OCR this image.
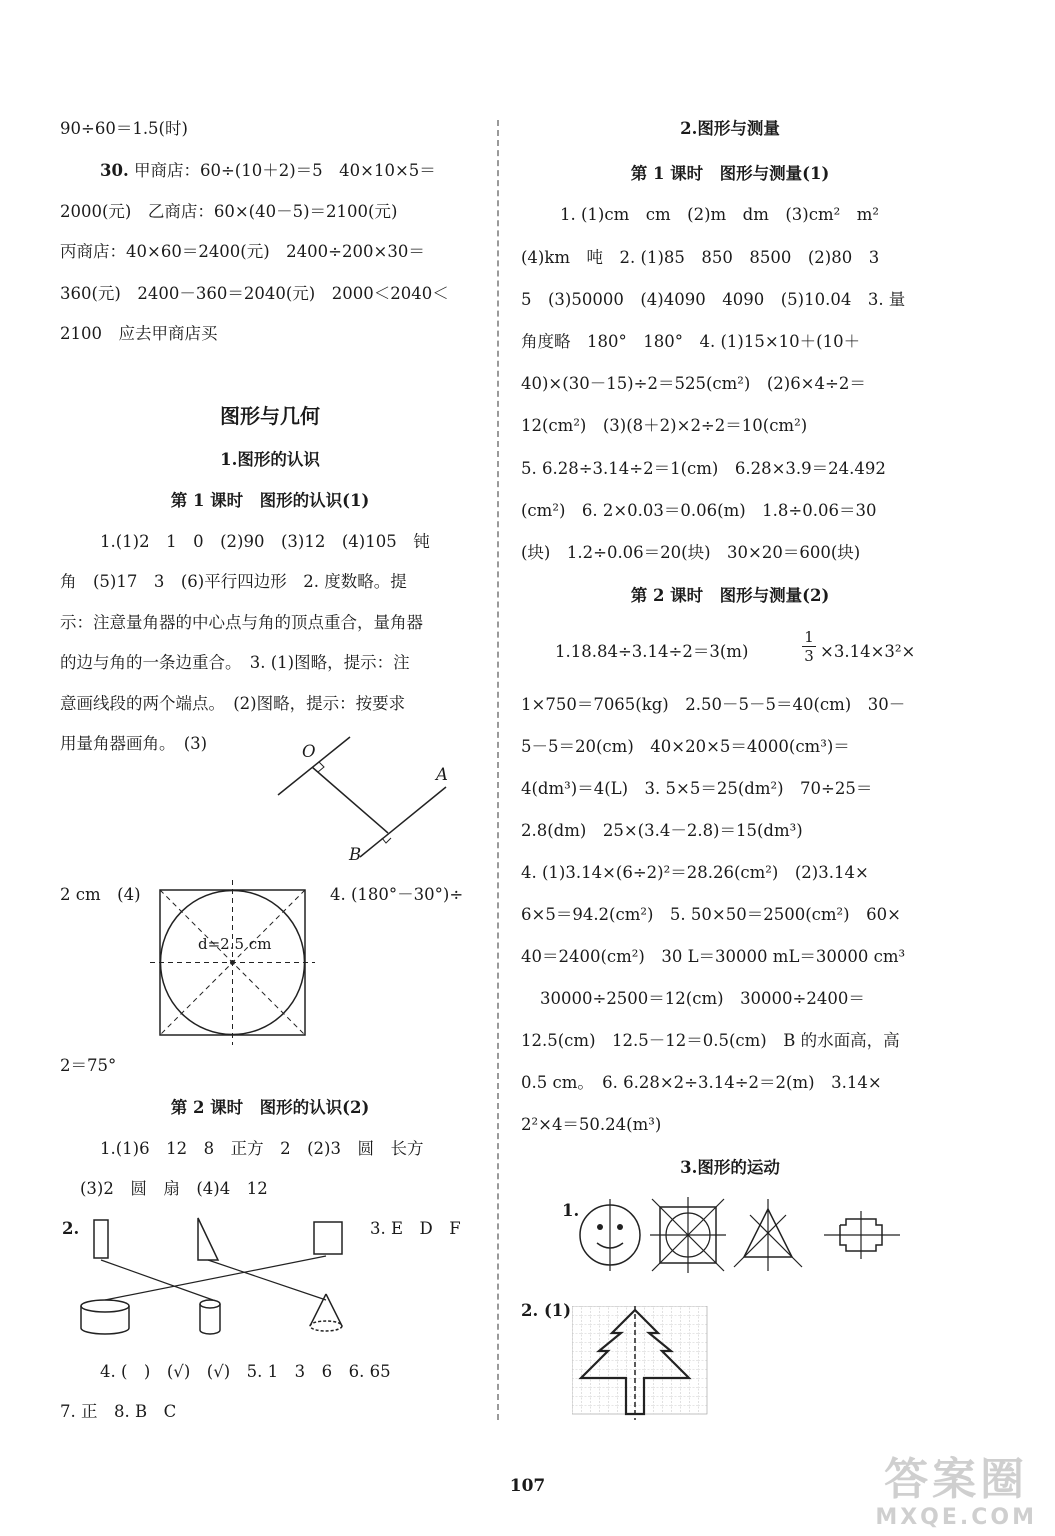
90÷60＝1.5(时)
30. 甲商店：60÷(10＋2)＝5　40×10×5＝
2000(元)　乙商店：60×(40－5)＝2100(元)
丙商店：40×60＝2400(元)　2400÷200×30＝
360(元)　2400－360＝2040(元)　2000＜2040＜
2100　应去甲商店买
图形与几何
1.图形的认识
第 1 课时　图形的认识(1)
1.(1)2　1　0　(2)90　(3)12　(4)105　钝
角　(5)17　3　(6)平行四边形　2. 度数略。提
示：注意量角器的中心点与角的顶点重合，量角器
的边与角的一条边重合。　3. (1)图略，提示：注
意画线段的两个端点。　(2)图略，提示：按要求
用量角器画角。　(3)	O
A
B
2 cm　(4)
d=2.5 cm
4. (180°－30°)÷
2＝75°
第 2 课时　图形的认识(2)
1.(1)6　12　8　正方　2　(2)3　圆　长方
(3)2　圆　扇　(4)4　12
2.	3. E　D　F
4. (　)　(√)　(√)　5. 1　3　6　6. 65
7. 正　8. B　C
2.图形与测量
第 1 课时　图形与测量(1)
1. (1)cm　cm　(2)m　dm　(3)cm²　m²
(4)km　吨　2. (1)85　850　8500　(2)80　3
5　(3)50000　(4)4090　4090　(5)10.04　3. 量
角度略　180°　180°　4. (1)15×10＋(10＋
40)×(30－15)÷2＝525(cm²)　(2)6×4÷2＝
12(cm²)　(3)(8＋2)×2÷2＝10(cm²)
5. 6.28÷3.14÷2＝1(cm)　6.28×3.9＝24.492
(cm²)　6. 2×0.03＝0.06(m)　1.8÷0.06＝30
(块)　1.2÷0.06＝20(块)　30×20＝600(块)
第 2 课时　图形与测量(2)
1.18.84÷3.14÷2＝3(m)	$\frac{1}{3} \times 3.14\times 3^2\times$
1×750＝7065(kg)　2.50－5－5＝40(cm)　30－
5－5＝20(cm)　40×20×5＝4000(cm³)＝
4(dm³)＝4(L)　3. 5×5＝25(dm²)　70÷25＝
2.8(dm)　25×(3.4－2.8)＝15(dm³)
4. (1)3.14×(6÷2)²＝28.26(cm²)　(2)3.14×
6×5＝94.2(cm²)　5. 50×50＝2500(cm²)　60×
40＝2400(cm²)　30 L＝30000 mL＝30000 cm³
30000÷2500＝12(cm)　30000÷2400＝
12.5(cm)　12.5－12＝0.5(cm)　B 的水面高，高
0.5 cm。　6. 6.28×2÷3.14÷2＝2(m)　3.14×
2²×4＝50.24(m³)
3.图形的运动
1.
2. (1)
107	答案圈
MXQE.COM
